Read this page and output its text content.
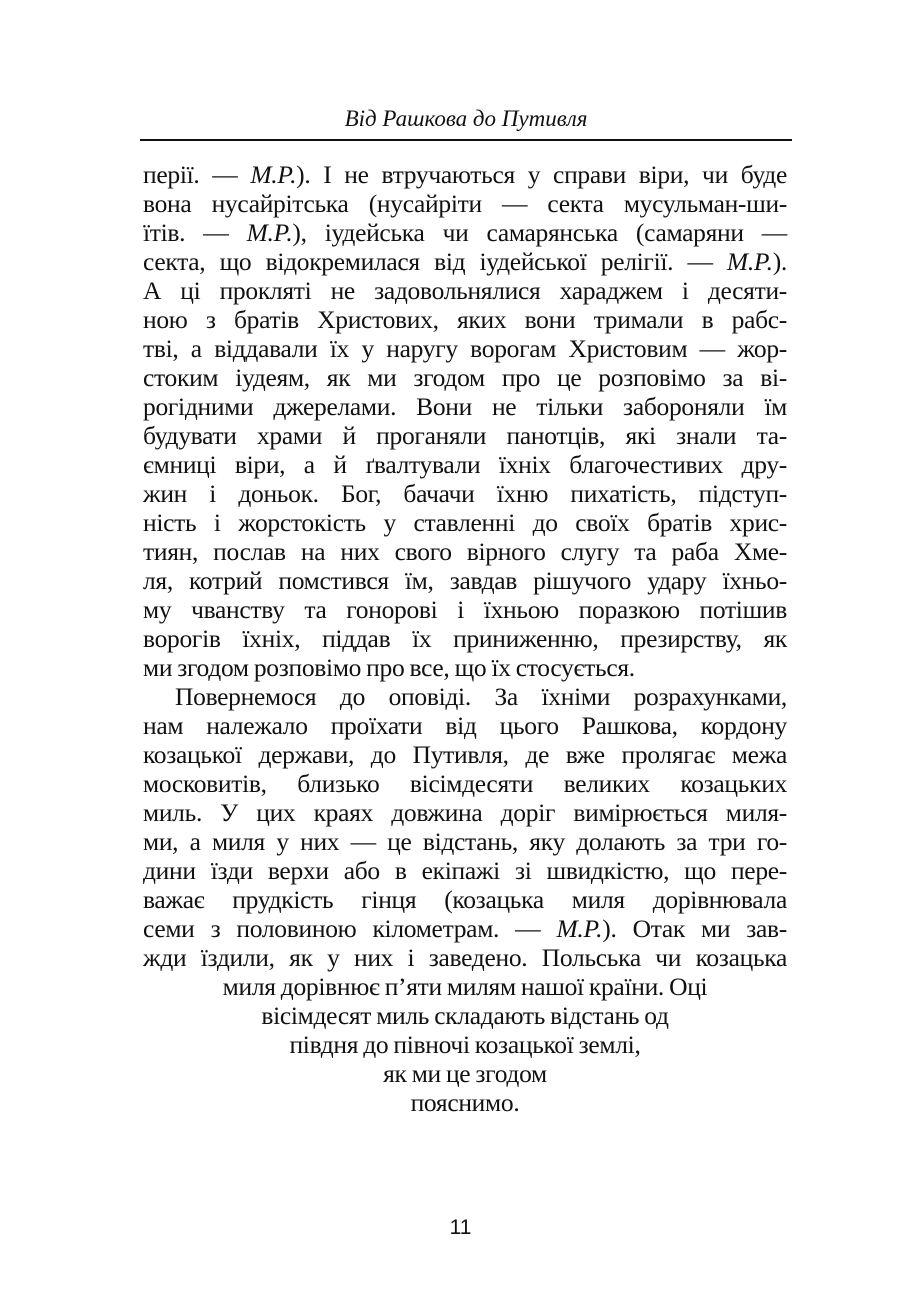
Від Рашкова до Путивля
перії. — М.Р.). І не втручаються у справи віри, чи буде
вона нусайрітська (нусайріти — секта мусульман-ши-
їтів. — М.Р.), іудейська чи самарянська (самаряни —
секта, що відокремилася від іудейської релігії. — М.Р.).
А ці прокляті не задовольнялися хараджем і десяти-
ною з братів Христових, яких вони тримали в рабс-
тві, а віддавали їх у наругу ворогам Христовим — жор-
стоким іудеям, як ми згодом про це розповімо за ві-
рогідними джерелами. Вони не тільки забороняли їм
будувати храми й проганяли панотців, які знали та-
ємниці віри, а й ґвалтували їхніх благочестивих дру-
жин і доньок. Бог, бачачи їхню пихатість, підступ-
ність і жорстокість у ставленні до своїх братів хрис-
тиян, послав на них свого вірного слугу та раба Хме-
ля, котрий помстився їм, завдав рішучого удару їхньо-
му чванству та гонорові і їхньою поразкою потішив
ворогів їхніх, піддав їх приниженню, презирству, як
ми згодом розповімо про все, що їх стосується.
Повернемося до оповіді. За їхніми розрахунками,
нам належало проїхати від цього Рашкова, кордону
козацької держави, до Путивля, де вже пролягає межа
московитів, близько вісімдесяти великих козацьких
миль. У цих краях довжина доріг вимірюється миля-
ми, а миля у них — це відстань, яку долають за три го-
дини їзди верхи або в екіпажі зі швидкістю, що пере-
важає прудкість гінця (козацька миля дорівнювала
семи з половиною кілометрам. — М.Р.). Отак ми зав-
жди їздили, як у них і заведено. Польська чи козацька
миля дорівнює п’яти милям нашої країни. Оці
вісімдесят миль складають відстань од
півдня до півночі козацької землі,
як ми це згодом
пояснимо.
11
